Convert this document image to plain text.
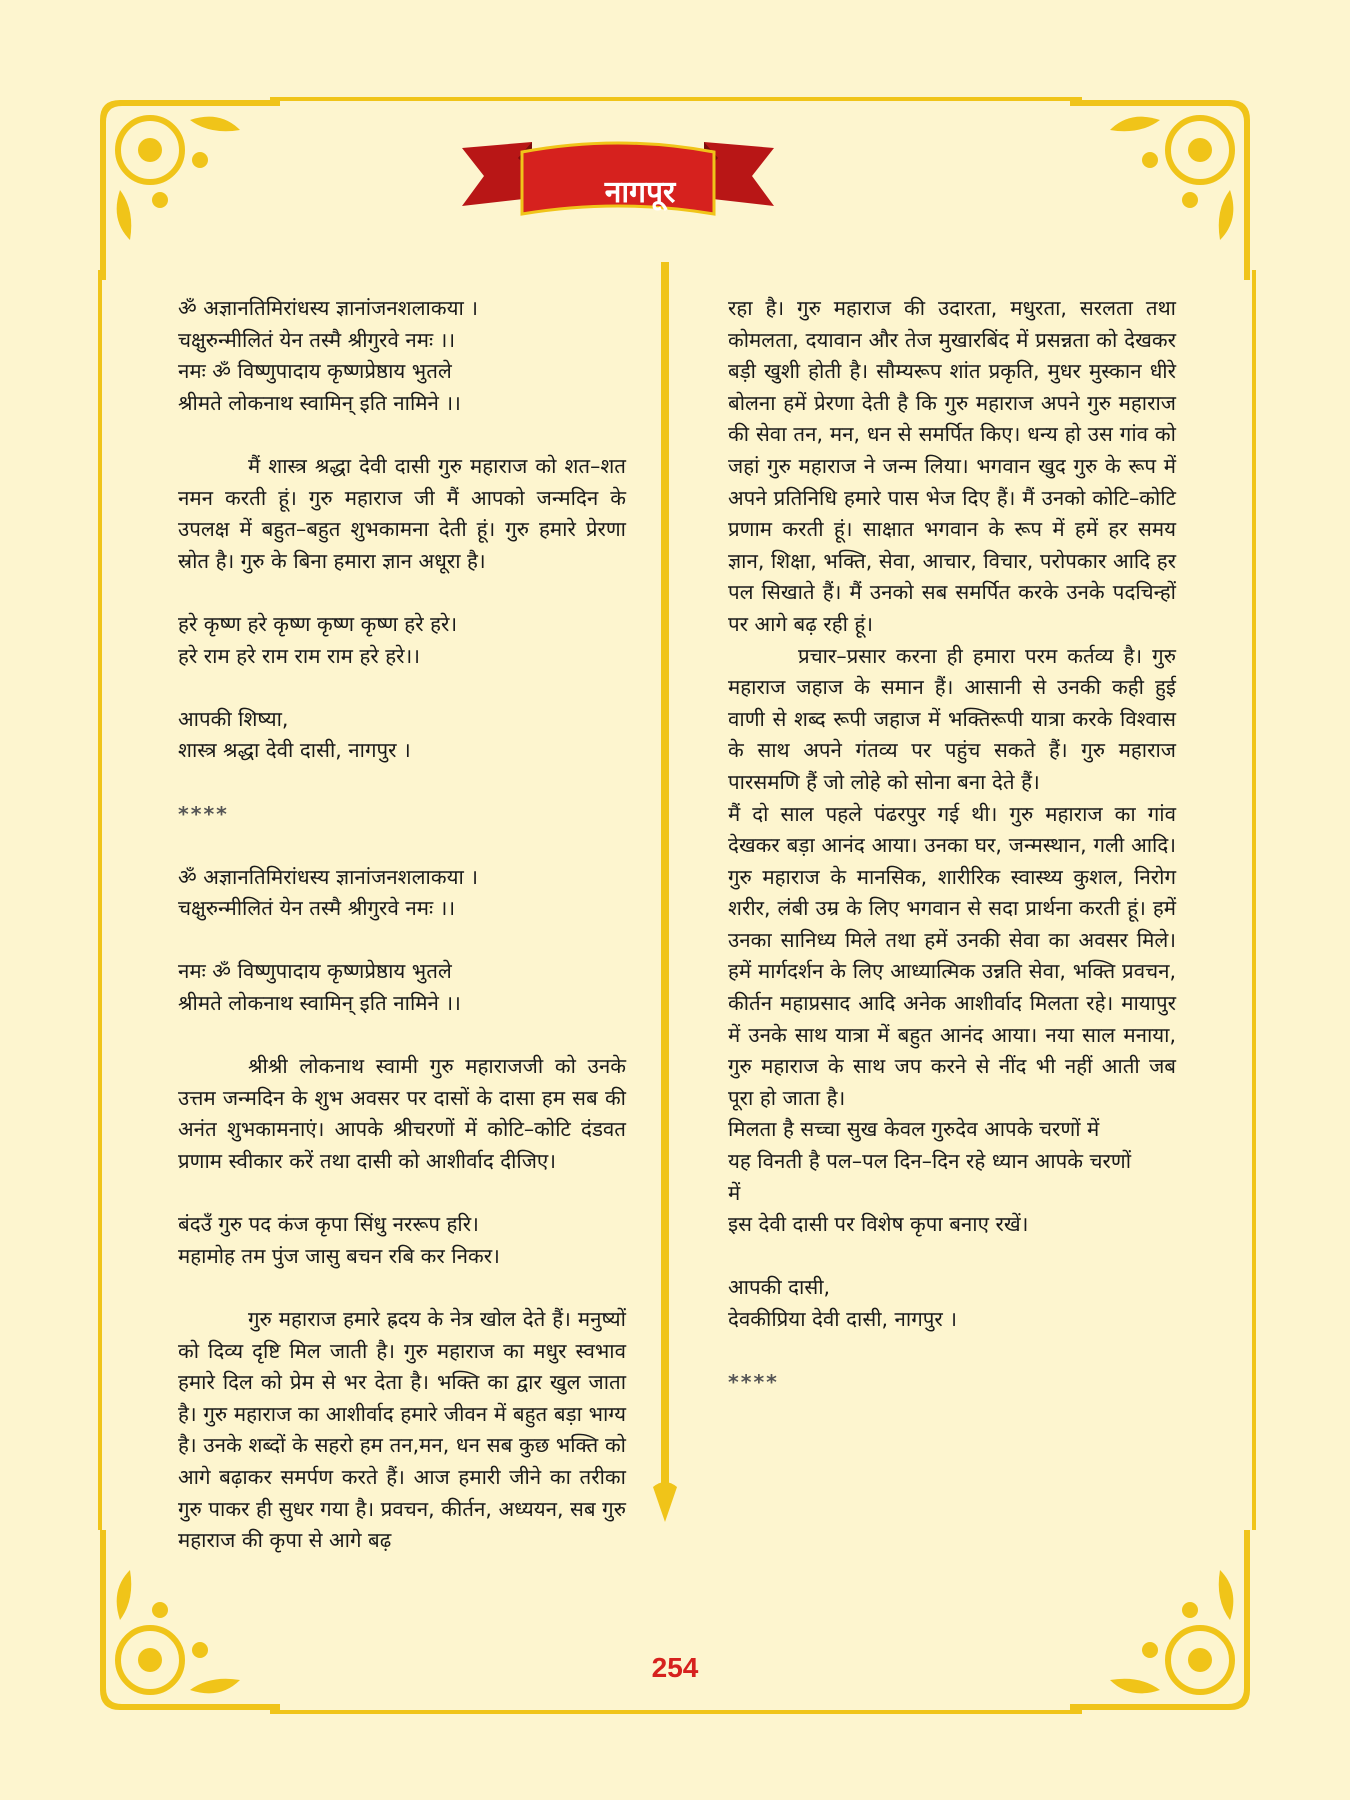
नागपूर

ॐ अज्ञानतिमिरांधस्य ज्ञानांजनशलाकया ।

चक्षुरुन्मीलितं येन तस्मै श्रीगुरवे नमः ।।

नमः ॐ विष्णुपादाय कृष्णप्रेष्ठाय भुतले

श्रीमते लोकनाथ स्वामिन् इति नामिने ।।

मैं शास्त्र श्रद्धा देवी दासी गुरु महाराज को शत–शत नमन करती हूं। गुरु महाराज जी मैं आपको जन्मदिन के उपलक्ष में बहुत–बहुत शुभकामना देती हूं। गुरु हमारे प्रेरणा स्रोत है। गुरु के बिना हमारा ज्ञान अधूरा है।

हरे कृष्ण हरे कृष्ण कृष्ण कृष्ण हरे हरे।

हरे राम हरे राम राम राम हरे हरे।।

आपकी शिष्या,

शास्त्र श्रद्धा देवी दासी, नागपुर ।

****

ॐ अज्ञानतिमिरांधस्य ज्ञानांजनशलाकया ।

चक्षुरुन्मीलितं येन तस्मै श्रीगुरवे नमः ।।

नमः ॐ विष्णुपादाय कृष्णप्रेष्ठाय भुतले

श्रीमते लोकनाथ स्वामिन् इति नामिने ।।

श्रीश्री लोकनाथ स्वामी गुरु महाराजजी को उनके उत्तम जन्मदिन के शुभ अवसर पर दासों के दासा हम सब की अनंत शुभकामनाएं। आपके श्रीचरणों में कोटि–कोटि दंडवत प्रणाम स्वीकार करें तथा दासी को आशीर्वाद दीजिए।

बंदउँ गुरु पद कंज कृपा सिंधु नररूप हरि।

महामोह तम पुंज जासु बचन रबि कर निकर।

गुरु महाराज हमारे ह्रदय के नेत्र खोल देते हैं। मनुष्यों को दिव्य दृष्टि मिल जाती है। गुरु महाराज का मधुर स्वभाव हमारे दिल को प्रेम से भर देता है। भक्ति का द्वार खुल जाता है। गुरु महाराज का आशीर्वाद हमारे जीवन में बहुत बड़ा भाग्य है। उनके शब्दों के सहरो हम तन,मन, धन सब कुछ भक्ति को आगे बढ़ाकर समर्पण करते हैं। आज हमारी जीने का तरीका गुरु पाकर ही सुधर गया है। प्रवचन, कीर्तन, अध्ययन, सब गुरु महाराज की कृपा से आगे बढ़

रहा है। गुरु महाराज की उदारता, मधुरता, सरलता तथा कोमलता, दयावान और तेज मुखारबिंद में प्रसन्नता को देखकर बड़ी खुशी होती है। सौम्यरूप शांत प्रकृति, मुधर मुस्कान धीरे बोलना हमें प्रेरणा देती है कि गुरु महाराज अपने गुरु महाराज की सेवा तन, मन, धन से समर्पित किए। धन्य हो उस गांव को जहां गुरु महाराज ने जन्म लिया। भगवान खुद गुरु के रूप में अपने प्रतिनिधि हमारे पास भेज दिए हैं। मैं उनको कोटि–कोटि प्रणाम करती हूं। साक्षात भगवान के रूप में हमें हर समय ज्ञान, शिक्षा, भक्ति, सेवा, आचार, विचार, परोपकार आदि हर पल सिखाते हैं। मैं उनको सब समर्पित करके उनके पदचिन्हों पर आगे बढ़ रही हूं।

प्रचार–प्रसार करना ही हमारा परम कर्तव्य है। गुरु महाराज जहाज के समान हैं। आसानी से उनकी कही हुई वाणी से शब्द रूपी जहाज में भक्तिरूपी यात्रा करके विश्वास के साथ अपने गंतव्य पर पहुंच सकते हैं। गुरु महाराज पारसमणि हैं जो लोहे को सोना बना देते हैं।

मैं दो साल पहले पंढरपुर गई थी। गुरु महाराज का गांव देखकर बड़ा आनंद आया। उनका घर, जन्मस्थान, गली आदि। गुरु महाराज के मानसिक, शारीरिक स्वास्थ्य कुशल, निरोग शरीर, लंबी उम्र के लिए भगवान से सदा प्रार्थना करती हूं। हमें उनका सानिध्य मिले तथा हमें उनकी सेवा का अवसर मिले। हमें मार्गदर्शन के लिए आध्यात्मिक उन्नति सेवा, भक्ति प्रवचन, कीर्तन महाप्रसाद आदि अनेक आशीर्वाद मिलता रहे। मायापुर में उनके साथ यात्रा में बहुत आनंद आया। नया साल मनाया, गुरु महाराज के साथ जप करने से नींद भी नहीं आती जब पूरा हो जाता है।

मिलता है सच्चा सुख केवल गुरुदेव आपके चरणों में

यह विनती है पल–पल दिन–दिन रहे ध्यान आपके चरणों

में

इस देवी दासी पर विशेष कृपा बनाए रखें।

आपकी दासी,

देवकीप्रिया देवी दासी, नागपुर ।

****

254
